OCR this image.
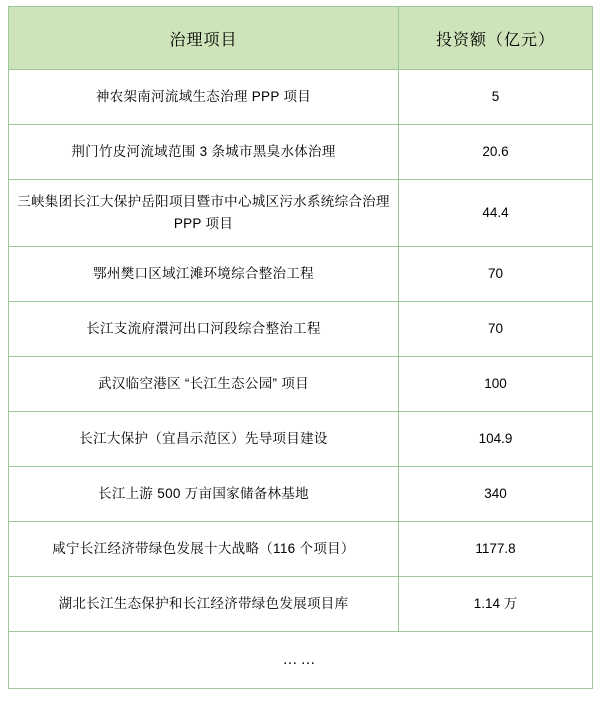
治理项目	投资额（亿元）
神农架南河流域生态治理 PPP 项目	5
荆门竹皮河流域范围 3 条城市黑臭水体治理	20.6
三峡集团长江大保护岳阳项目暨市中心城区污水系统综合治理 PPP 项目	44.4
鄂州樊口区域江滩环境综合整治工程	70
长江支流府澴河出口河段综合整治工程	70
武汉临空港区 “长江生态公园” 项目	100
长江大保护（宜昌示范区）先导项目建设	104.9
长江上游 500 万亩国家储备林基地	340
咸宁长江经济带绿色发展十大战略（116 个项目）	1177.8
湖北长江生态保护和长江经济带绿色发展项目库	1.14 万
……	
